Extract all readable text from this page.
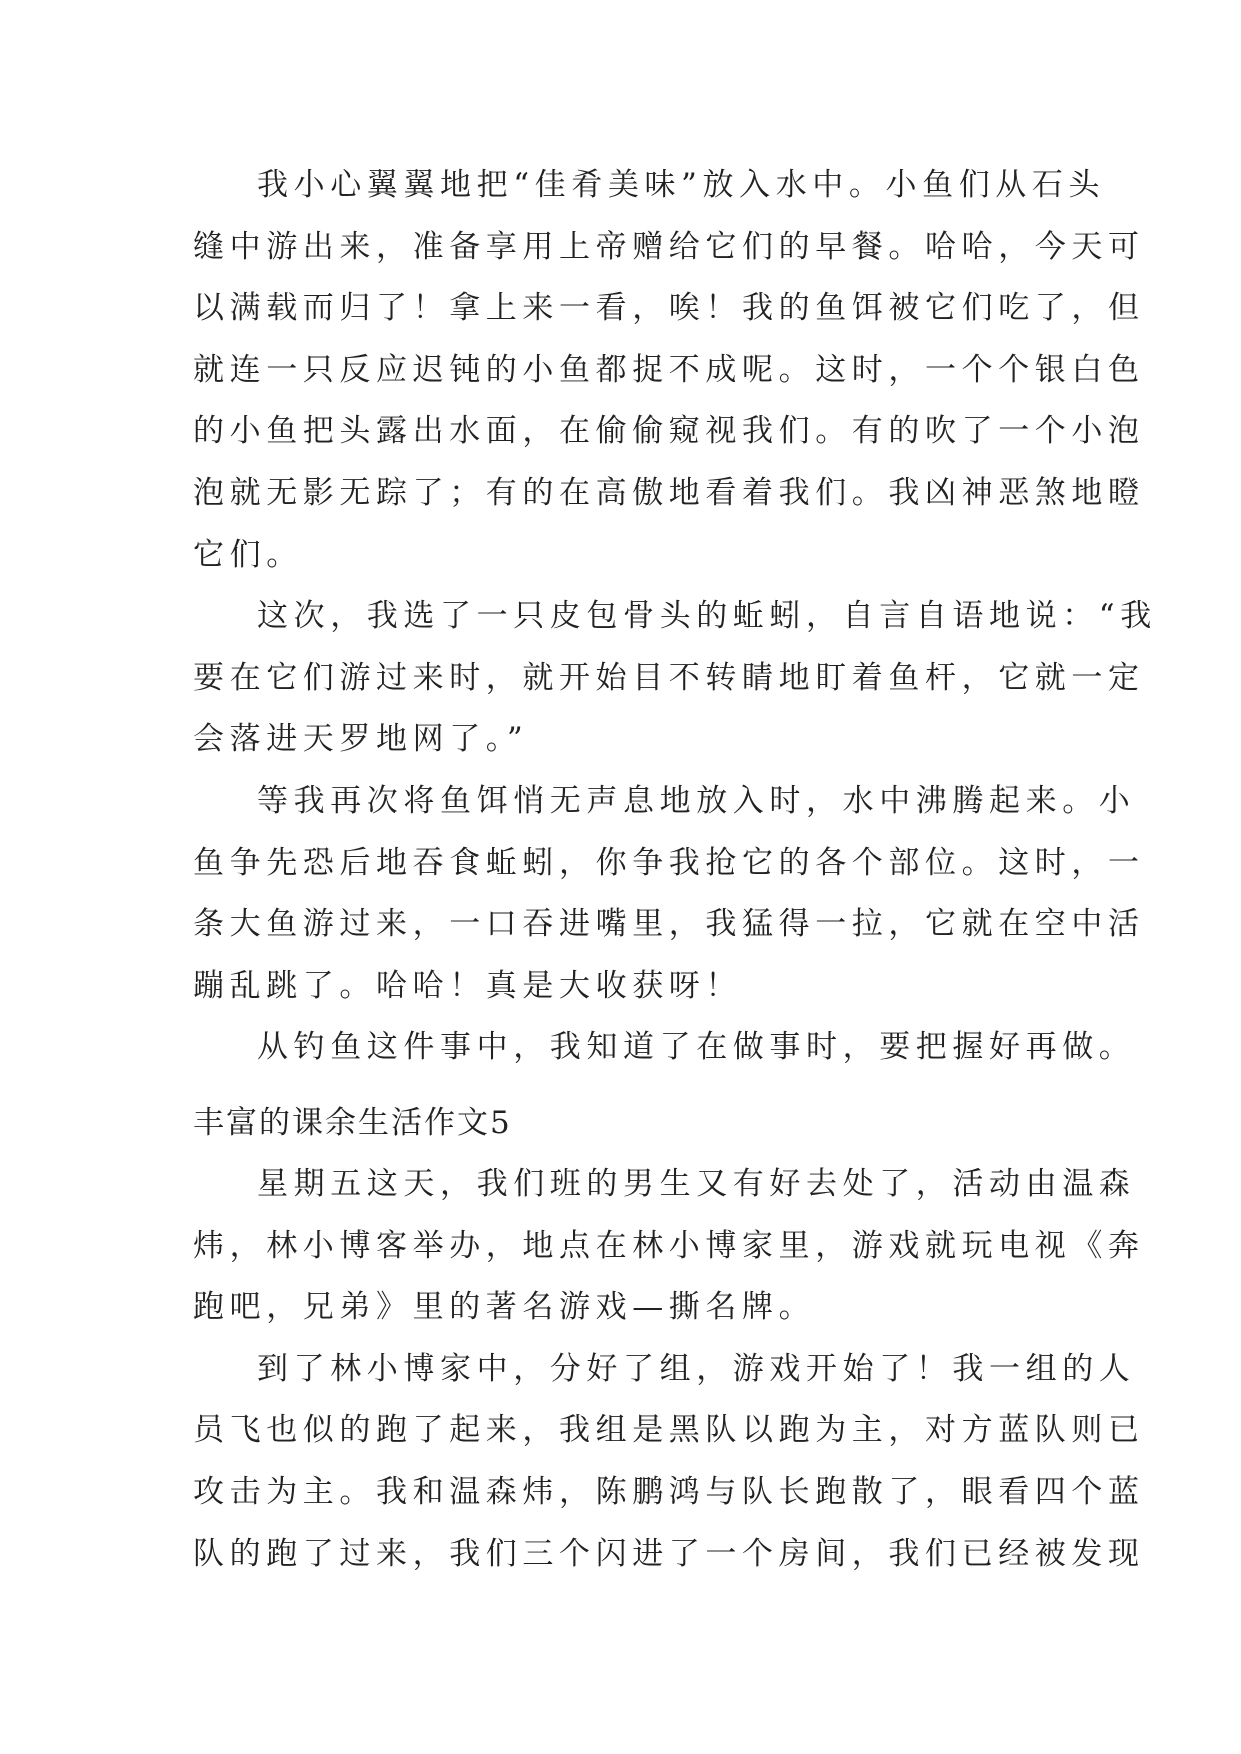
我小心翼翼地把“佳肴美味”放入水中。小鱼们从石头
缝中游出来，准备享用上帝赠给它们的早餐。哈哈，今天可
以满载而归了！拿上来一看，唉！我的鱼饵被它们吃了，但
就连一只反应迟钝的小鱼都捉不成呢。这时，一个个银白色
的小鱼把头露出水面，在偷偷窥视我们。有的吹了一个小泡
泡就无影无踪了；有的在高傲地看着我们。我凶神恶煞地瞪
它们。
这次，我选了一只皮包骨头的蚯蚓，自言自语地说：“我
要在它们游过来时，就开始目不转睛地盯着鱼杆，它就一定
会落进天罗地网了。”
等我再次将鱼饵悄无声息地放入时，水中沸腾起来。小
鱼争先恐后地吞食蚯蚓，你争我抢它的各个部位。这时，一
条大鱼游过来，一口吞进嘴里，我猛得一拉，它就在空中活
蹦乱跳了。哈哈！真是大收获呀！
从钓鱼这件事中，我知道了在做事时，要把握好再做。
丰富的课余生活作文5
星期五这天，我们班的男生又有好去处了，活动由温森
炜，林小博客举办，地点在林小博家里，游戏就玩电视《奔
跑吧，兄弟》里的著名游戏—撕名牌。
到了林小博家中，分好了组，游戏开始了！我一组的人
员飞也似的跑了起来，我组是黑队以跑为主，对方蓝队则已
攻击为主。我和温森炜，陈鹏鸿与队长跑散了，眼看四个蓝
队的跑了过来，我们三个闪进了一个房间，我们已经被发现
